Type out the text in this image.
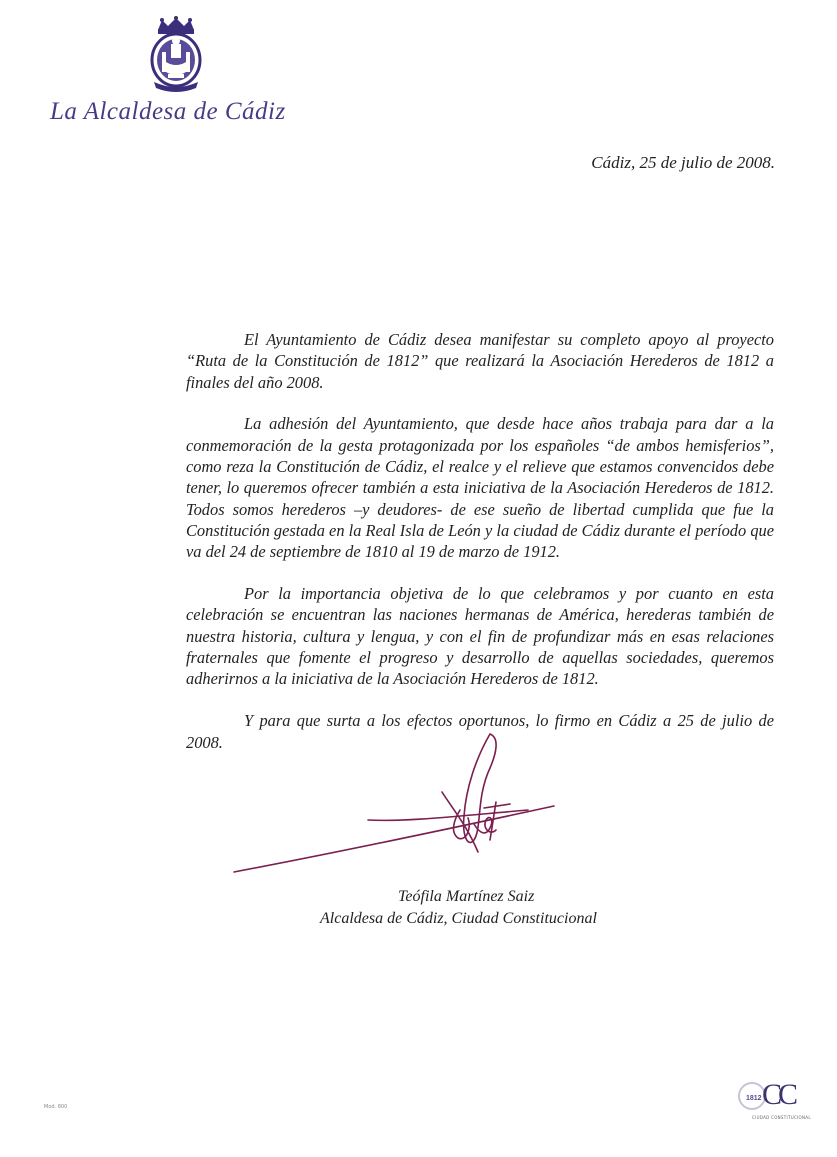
La Alcaldesa de Cádiz
Cádiz, 25 de julio de 2008.

El Ayuntamiento de Cádiz desea manifestar su completo apoyo al proyecto “Ruta de la Constitución de 1812” que realizará la Asociación Herederos de 1812 a finales del año 2008.

La adhesión del Ayuntamiento, que desde hace años trabaja para dar a la conmemoración de la gesta protagonizada por los españoles “de ambos hemisferios”, como reza la Constitución de Cádiz, el realce y el relieve que estamos convencidos debe tener, lo queremos ofrecer también a esta iniciativa de la Asociación Herederos de 1812. Todos somos herederos –y deudores- de ese sueño de libertad cumplida que fue la Constitución gestada en la Real Isla de León y la ciudad de Cádiz durante el período que va del 24 de septiembre de 1810 al 19 de marzo de 1912.

Por la importancia objetiva de lo que celebramos y por cuanto en esta celebración se encuentran las naciones hermanas de América, herederas también de nuestra historia, cultura y lengua, y con el fin de profundizar más en esas relaciones fraternales que fomente el progreso y desarrollo de aquellas sociedades, queremos adherirnos a la iniciativa de la Asociación Herederos de 1812.

Y para que surta a los efectos oportunos, lo firmo en Cádiz a 25 de julio de 2008.

Teófila Martínez Saiz
Alcaldesa de Cádiz, Ciudad Constitucional
Mod. 800
1812 CC
CIUDAD CONSTITUCIONAL
